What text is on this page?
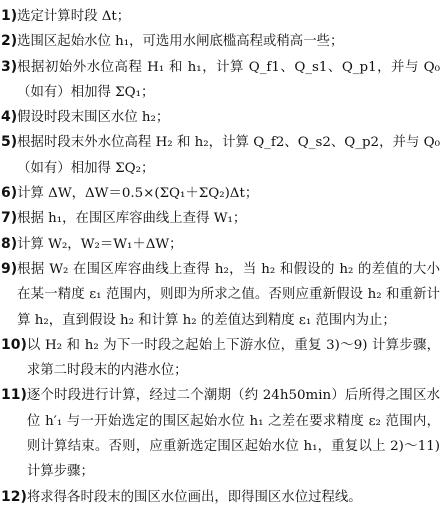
1) 选定计算时段 Δt；
2) 选围区起始水位 h₁，可选用水闸底槛高程或稍高一些；
3) 根据初始外水位高程 H₁ 和 h₁，计算 Q_f1、Q_s1、Q_p1，并与 Q₀（如有）相加得 ΣQ₁；
4) 假设时段末围区水位 h₂；
5) 根据时段末外水位高程 H₂ 和 h₂，计算 Q_f2、Q_s2、Q_p2，并与 Q₀（如有）相加得 ΣQ₂；
6) 计算 ΔW，ΔW＝0.5×(ΣQ₁＋ΣQ₂)Δt；
7) 根据 h₁，在围区库容曲线上查得 W₁；
8) 计算 W₂，W₂＝W₁＋ΔW；
9) 根据 W₂ 在围区库容曲线上查得 h₂，当 h₂ 和假设的 h₂ 的差值的大小在某一精度 ε₁ 范围内，则即为所求之值。否则应重新假设 h₂ 和重新计算 h₂，直到假设 h₂ 和计算 h₂ 的差值达到精度 ε₁ 范围内为止；
10) 以 H₂ 和 h₂ 为下一时段之起始上下游水位，重复 3)～9) 计算步骤，求第二时段末的内港水位；
11) 逐个时段进行计算，经过二个潮期（约 24h50min）后所得之围区水位 h′₁ 与一开始选定的围区起始水位 h₁ 之差在要求精度 ε₂ 范围内，则计算结束。否则，应重新选定围区起始水位 h₁，重复以上 2)～11) 计算步骤；
12) 将求得各时段末的围区水位画出，即得围区水位过程线。
